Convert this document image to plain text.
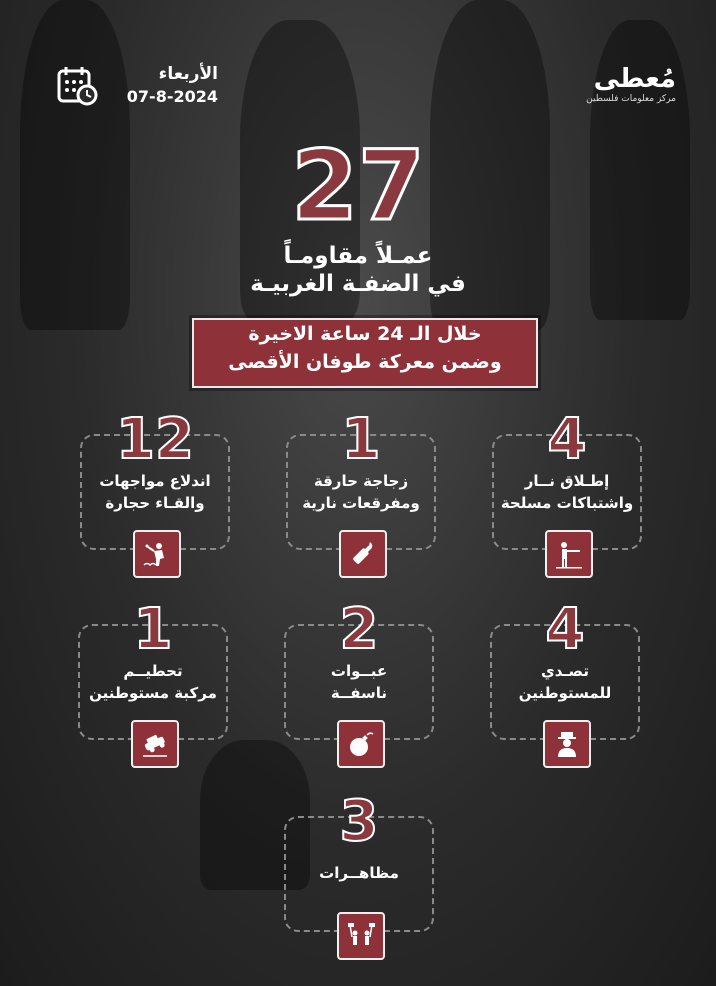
الأربعاء
07-8-2024
مُعطى
مركز معلومات فلسطين
27
عمـلاً مقاومـاً
في الضفـة الغربيـة
خلال الـ 24 ساعة الاخيرة
وضمن معركة طوفان الأقصى
4
إطـلاق نــار
واشتباكات مسلحة
1
زجاجة حارقة
ومفرقعات نارية
12
اندلاع مواجهات
والقـاء حجارة
4
تصـدي
للمستوطنين
2
عبــوات
ناسفــة
1
تحطيــم
مركبة مستوطنين
3
مظاهــرات
